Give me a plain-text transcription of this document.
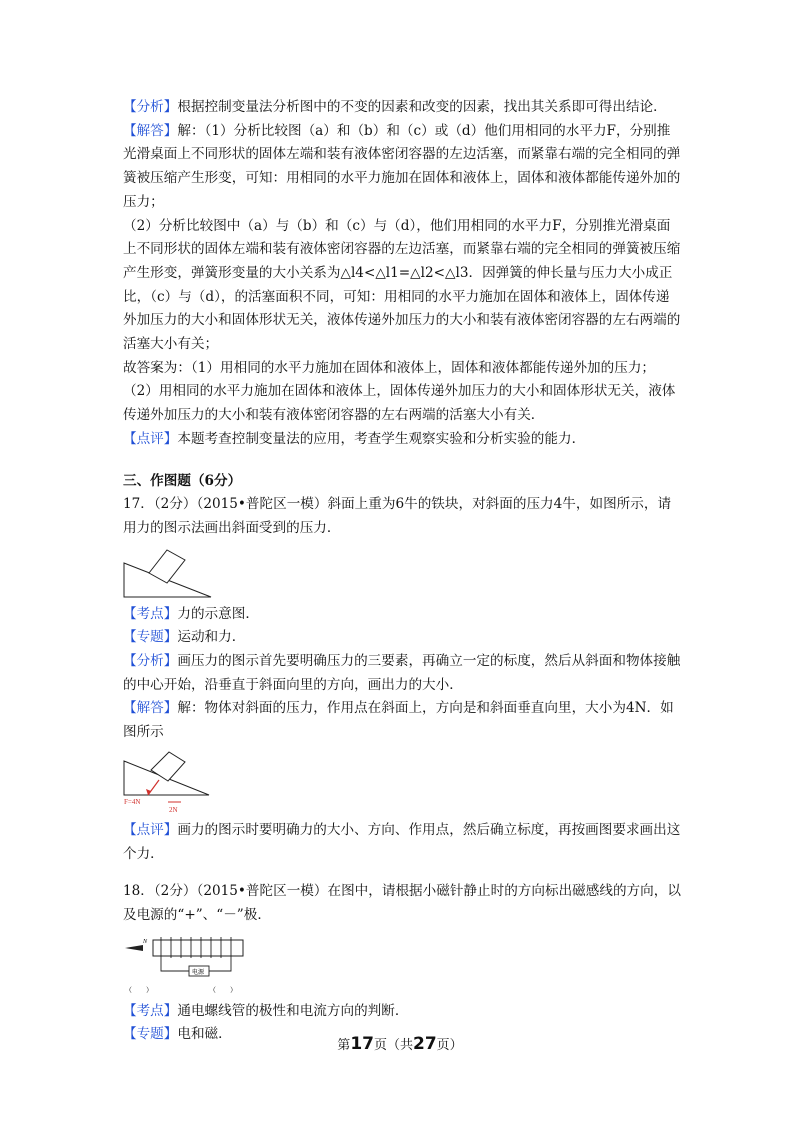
【分析】根据控制变量法分析图中的不变的因素和改变的因素，找出其关系即可得出结论．

【解答】解：（1）分析比较图（a）和（b）和（c）或（d）他们用相同的水平力F，分别推光滑桌面上不同形状的固体左端和装有液体密闭容器的左边活塞，而紧靠右端的完全相同的弹簧被压缩产生形变，可知：用相同的水平力施加在固体和液体上，固体和液体都能传递外加的压力；

（2）分析比较图中（a）与（b）和（c）与（d），他们用相同的水平力F，分别推光滑桌面上不同形状的固体左端和装有液体密闭容器的左边活塞，而紧靠右端的完全相同的弹簧被压缩产生形变，弹簧形变量的大小关系为△l4<△l1=△l2<△l3．因弹簧的伸长量与压力大小成正比，（c）与（d），的活塞面积不同，可知：用相同的水平力施加在固体和液体上，固体传递外加压力的大小和固体形状无关，液体传递外加压力的大小和装有液体密闭容器的左右两端的活塞大小有关；

故答案为：（1）用相同的水平力施加在固体和液体上，固体和液体都能传递外加的压力；

（2）用相同的水平力施加在固体和液体上，固体传递外加压力的大小和固体形状无关，液体传递外加压力的大小和装有液体密闭容器的左右两端的活塞大小有关．

【点评】本题考查控制变量法的应用，考查学生观察实验和分析实验的能力．

三、作图题（6分）

17．（2分）（2015•普陀区一模）斜面上重为6牛的铁块，对斜面的压力4牛，如图所示，请用力的图示法画出斜面受到的压力．

【考点】力的示意图．

【专题】运动和力．

【分析】画压力的图示首先要明确压力的三要素，再确立一定的标度，然后从斜面和物体接触的中心开始，沿垂直于斜面向里的方向，画出力的大小．

【解答】解：物体对斜面的压力，作用点在斜面上，方向是和斜面垂直向里，大小为4N．如图所示

F=4N
2N

【点评】画力的图示时要明确力的大小、方向、作用点，然后确立标度，再按画图要求画出这个力．

18．（2分）（2015•普陀区一模）在图中，请根据小磁针静止时的方向标出磁感线的方向，以及电源的“+”、“－”极．

N
电源
（　　）	（　　）

【考点】通电螺线管的极性和电流方向的判断．

【专题】电和磁．

第17页（共27页）
